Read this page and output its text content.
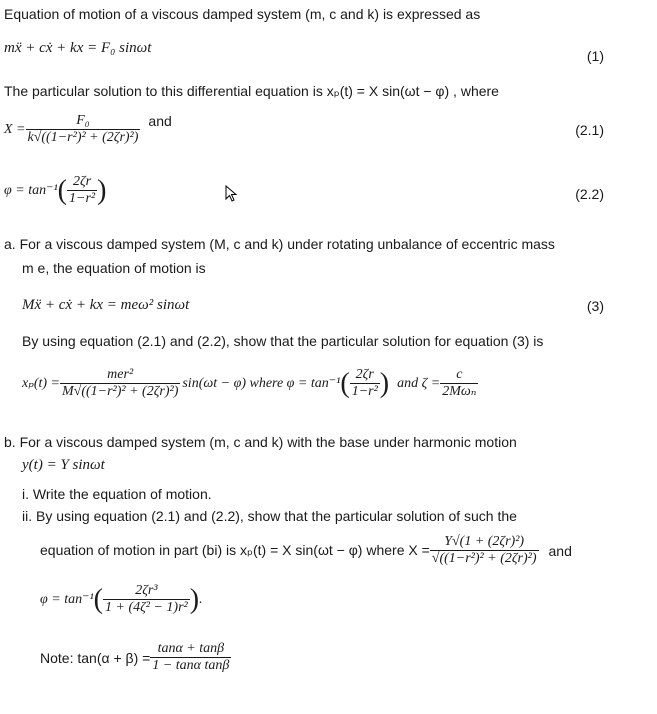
Equation of motion of a viscous damped system (m, c and k) is expressed as
mẍ + cẋ + kx = F₀ sinωt	(1)
The particular solution to this differential equation is xₚ(t) = X sin(ωt − φ) , where
$X = \frac{\text{F₀}}{\text{k√((1−r²)² + (2ζr)²)}}$ and
(2.1)
φ = tan⁻¹ ( $\frac{2\zeta r}{\text{1−r²}}$ )	(2.2)
a. For a viscous damped system (M, c and k) under rotating unbalance of eccentric mass
m e, the equation of motion is
Mẍ + cẋ + kx = meω² sinωt	(3)
By using equation (2.1) and (2.2), show that the particular solution for equation (3) is
$x_p(t) = \frac{\text{mer²}}{\text{M√((1−r²)² + (2ζr)²)}} \sin(\omega t - \varphi)$ where φ = tan⁻¹ ( $\frac{2\zeta r}{\text{1−r²}}$ ) and $\zeta = \frac{c}{\text{2Mωₙ}}$
b. For a viscous damped system (m, c and k) with the base under harmonic motion
y(t) = Y sinωt
i. Write the equation of motion.
ii. By using equation (2.1) and (2.2), show that the particular solution of such the
equation of motion in part (bi) is xₚ(t) = X sin(ωt − φ) where $X = \frac{\text{Y√(1 + (2ζr)²)}}{\text{√((1−r²)² + (2ζr)²)}}$ and
φ = tan⁻¹ ( $\frac{\text{2ζr³}}{\text{1 + (4ζ² − 1)r²}}$ ) .
Note: $\tan(\alpha + \beta) = \frac{\tan\alpha + \tan\beta}{\text{1 − tanα tanβ}}$
